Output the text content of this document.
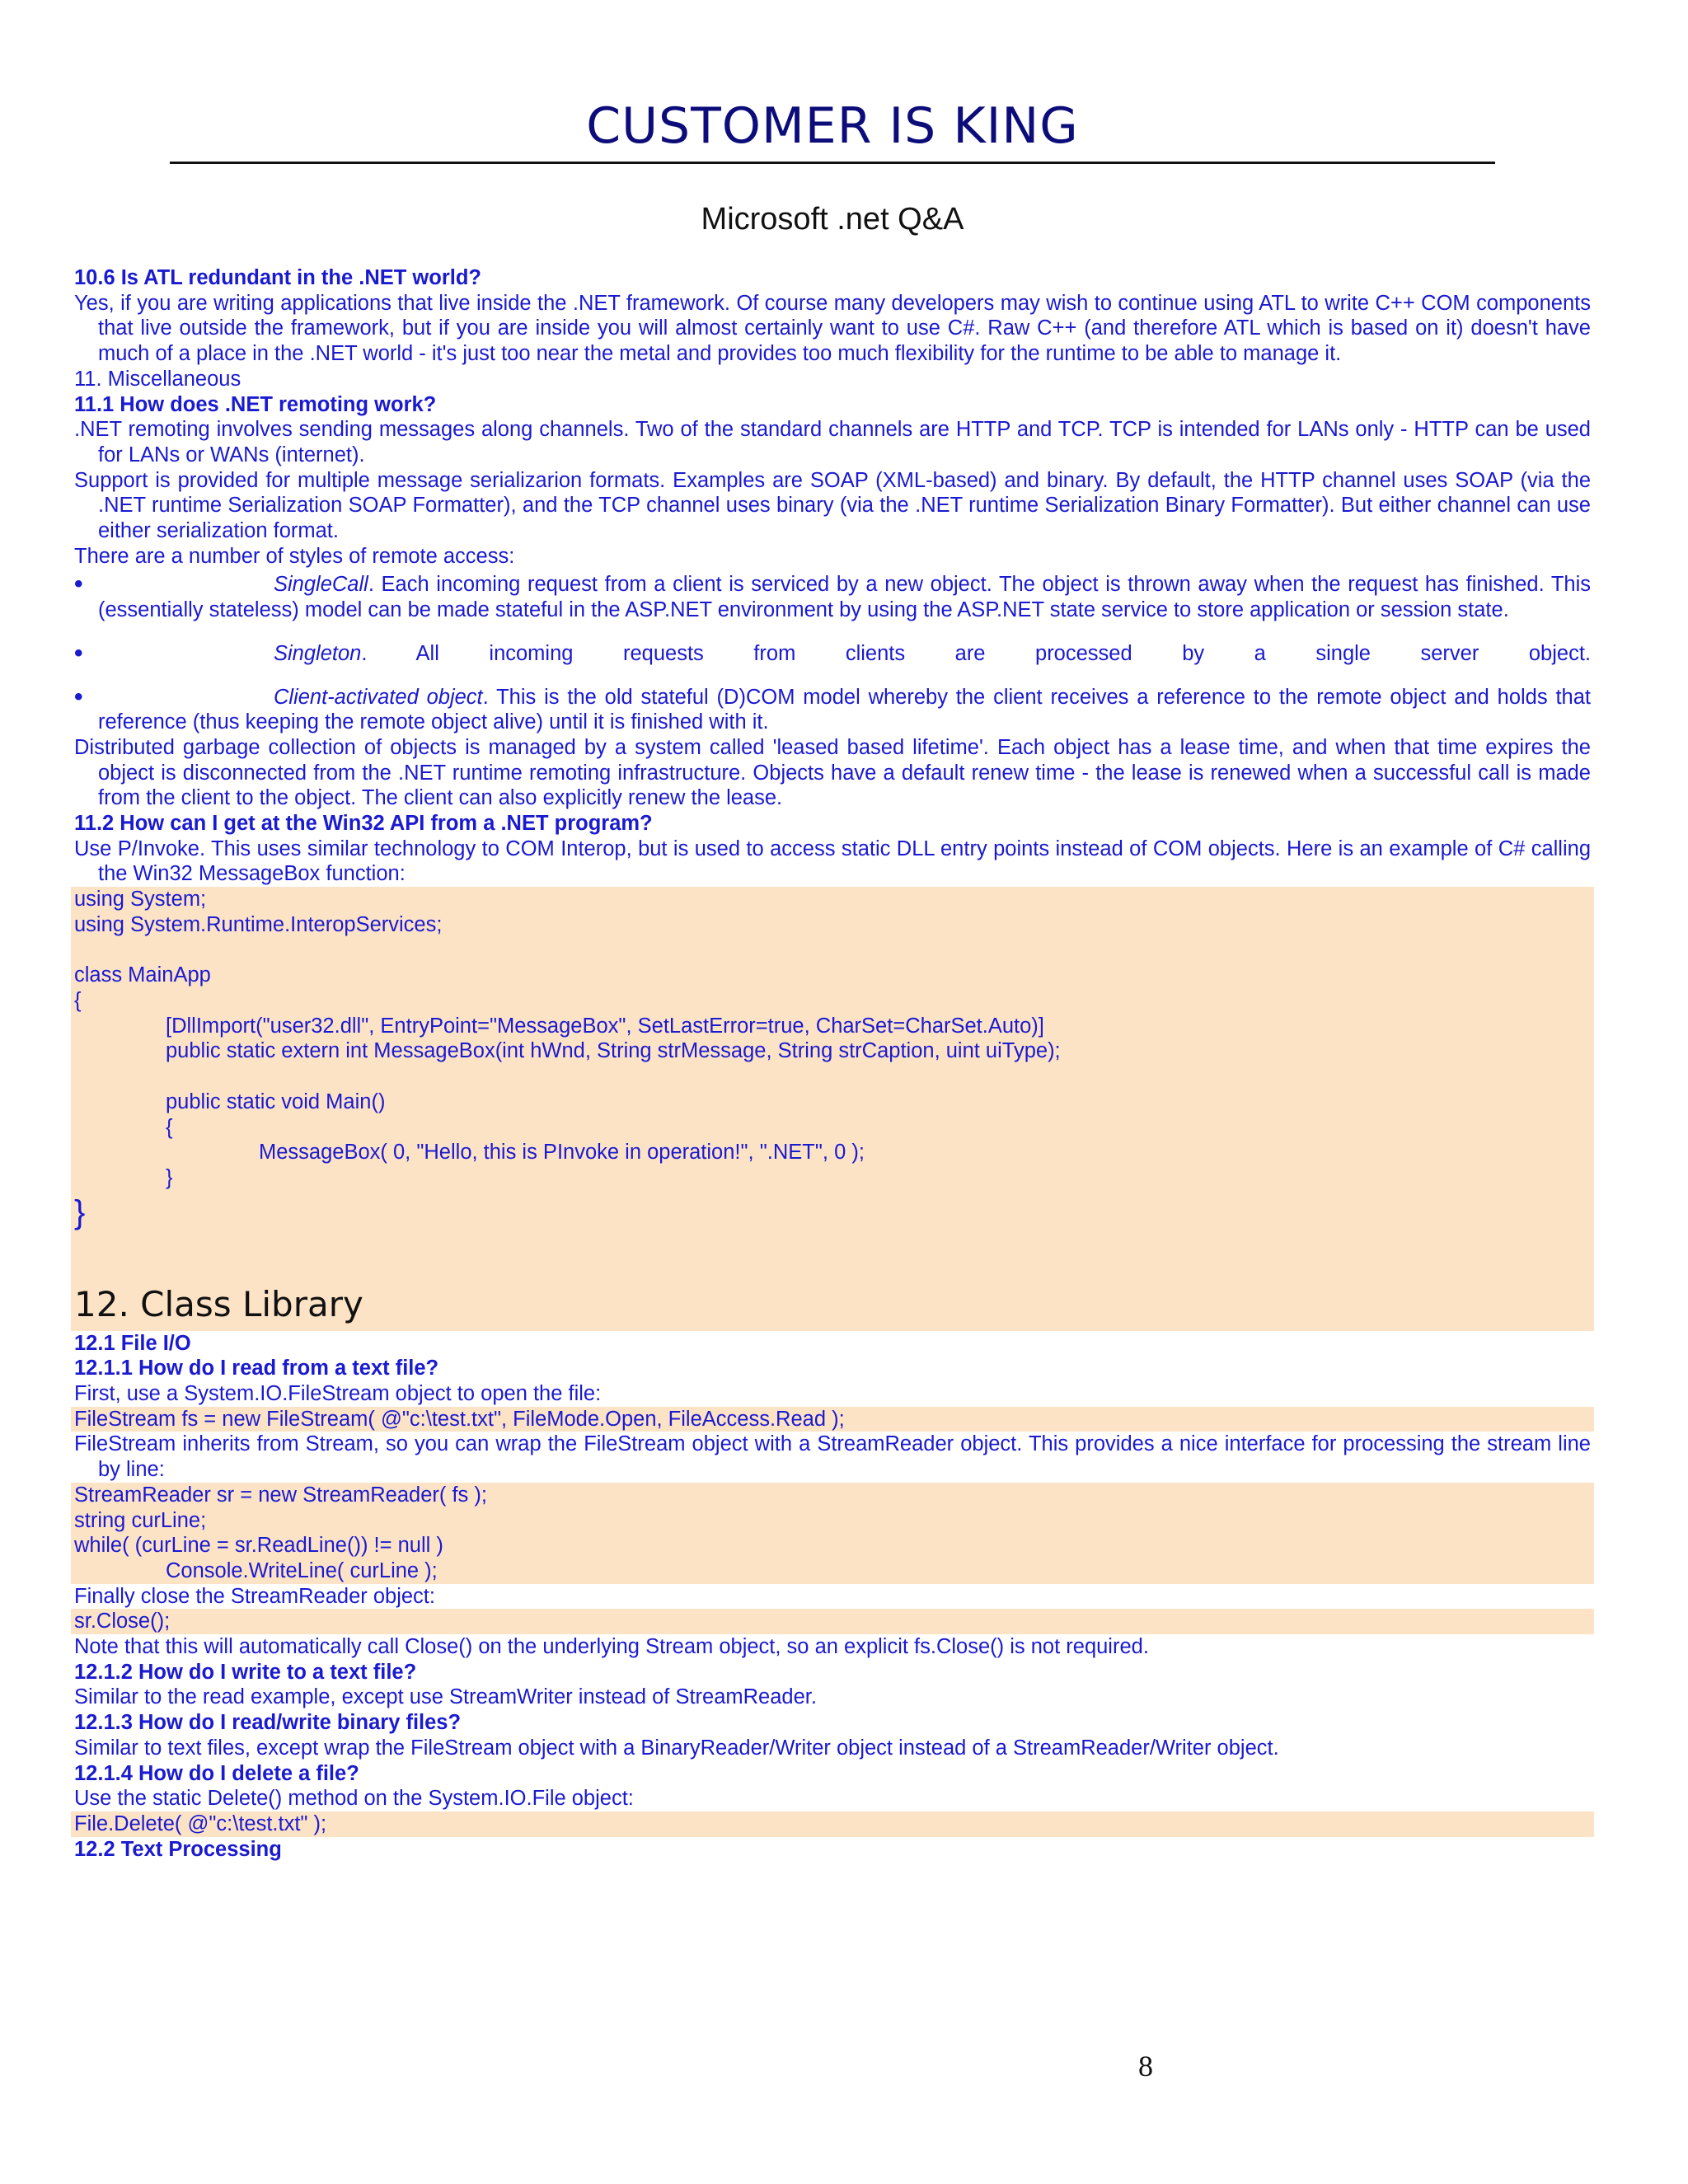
CUSTOMER IS KING

Microsoft .net Q&A

10.6 Is ATL redundant in the .NET world?

Yes, if you are writing applications that live inside the .NET framework. Of course many developers may wish to continue using ATL to write C++ COM components that live outside the framework, but if you are inside you will almost certainly want to use C#. Raw C++ (and therefore ATL which is based on it) doesn't have much of a place in the .NET world - it's just too near the metal and provides too much flexibility for the runtime to be able to manage it.

11. Miscellaneous

11.1 How does .NET remoting work?

.NET remoting involves sending messages along channels. Two of the standard channels are HTTP and TCP. TCP is intended for LANs only - HTTP can be used for LANs or WANs (internet).

Support is provided for multiple message serializarion formats. Examples are SOAP (XML-based) and binary. By default, the HTTP channel uses SOAP (via the .NET runtime Serialization SOAP Formatter), and the TCP channel uses binary (via the .NET runtime Serialization Binary Formatter). But either channel can use either serialization format.

There are a number of styles of remote access:

•	SingleCall. Each incoming request from a client is serviced by a new object. The object is thrown away when the request has finished. This (essentially stateless) model can be made stateful in the ASP.NET environment by using the ASP.NET state service to store application or session state.
•	Singleton. All incoming requests from clients are processed by a single server object.
•	Client-activated object. This is the old stateful (D)COM model whereby the client receives a reference to the remote object and holds that reference (thus keeping the remote object alive) until it is finished with it.

Distributed garbage collection of objects is managed by a system called 'leased based lifetime'. Each object has a lease time, and when that time expires the object is disconnected from the .NET runtime remoting infrastructure. Objects have a default renew time - the lease is renewed when a successful call is made from the client to the object. The client can also explicitly renew the lease.

11.2 How can I get at the Win32 API from a .NET program?

Use P/Invoke. This uses similar technology to COM Interop, but is used to access static DLL entry points instead of COM objects. Here is an example of C# calling the Win32 MessageBox function:

using System;

using System.Runtime.InteropServices;

class MainApp

{

[DllImport("user32.dll", EntryPoint="MessageBox", SetLastError=true, CharSet=CharSet.Auto)]

public static extern int MessageBox(int hWnd, String strMessage, String strCaption, uint uiType);

public static void Main()

{

MessageBox( 0, "Hello, this is PInvoke in operation!", ".NET", 0 );

}

}

12. Class Library

12.1 File I/O

12.1.1 How do I read from a text file?

First, use a System.IO.FileStream object to open the file:

FileStream fs = new FileStream( @"c:\test.txt", FileMode.Open, FileAccess.Read );

FileStream inherits from Stream, so you can wrap the FileStream object with a StreamReader object. This provides a nice interface for processing the stream line by line:

StreamReader sr = new StreamReader( fs );

string curLine;

while( (curLine = sr.ReadLine()) != null )

Console.WriteLine( curLine );

Finally close the StreamReader object:

sr.Close();

Note that this will automatically call Close() on the underlying Stream object, so an explicit fs.Close() is not required.

12.1.2 How do I write to a text file?

Similar to the read example, except use StreamWriter instead of StreamReader.

12.1.3 How do I read/write binary files?

Similar to text files, except wrap the FileStream object with a BinaryReader/Writer object instead of a StreamReader/Writer object.

12.1.4 How do I delete a file?

Use the static Delete() method on the System.IO.File object:

File.Delete( @"c:\test.txt" );

12.2 Text Processing

8
